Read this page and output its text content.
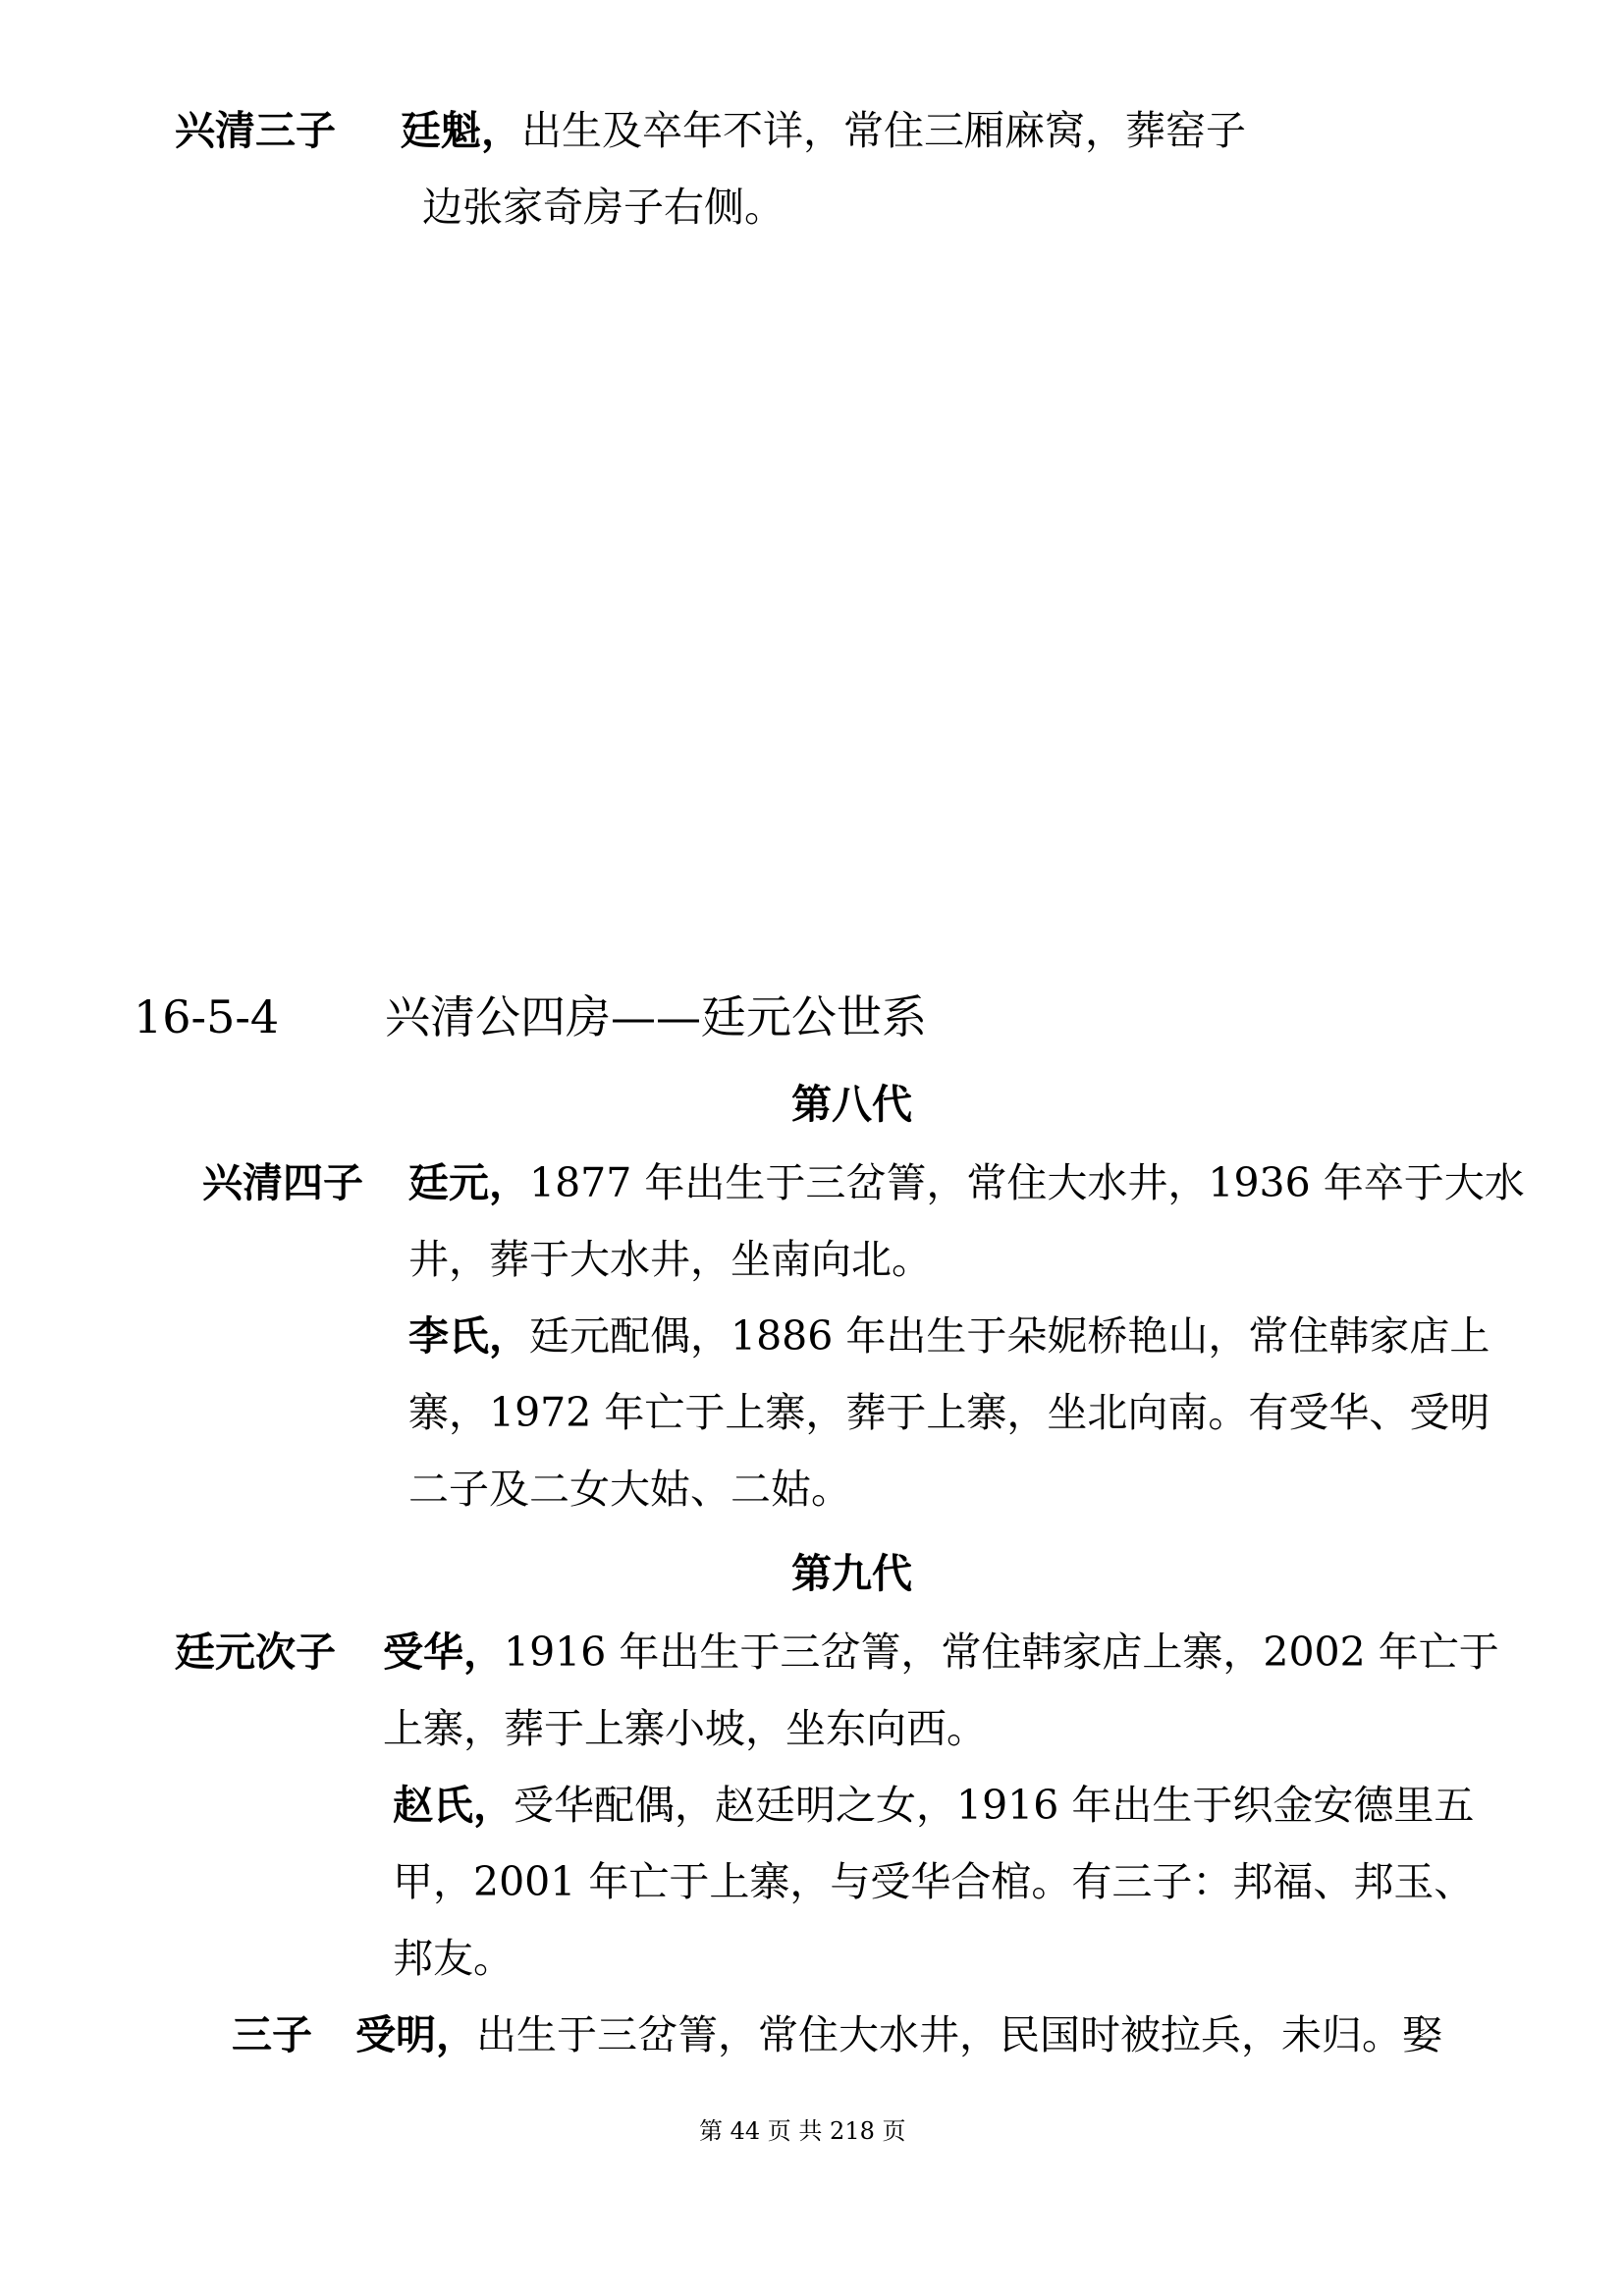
兴清三子 廷魁，出生及卒年不详，常住三厢麻窝，葬窑子
边张家奇房子右侧。
16-5-4 兴清公四房——廷元公世系
第八代
兴清四子 廷元，1877 年出生于三岔箐，常住大水井，1936 年卒于大水
井，葬于大水井，坐南向北。
李氏，廷元配偶，1886 年出生于朵妮桥艳山，常住韩家店上
寨，1972 年亡于上寨，葬于上寨，坐北向南。有受华、受明
二子及二女大姑、二姑。
第九代
廷元次子 受华，1916 年出生于三岔箐，常住韩家店上寨，2002 年亡于
上寨，葬于上寨小坡，坐东向西。
赵氏，受华配偶，赵廷明之女，1916 年出生于织金安德里五
甲，2001 年亡于上寨，与受华合棺。有三子：邦福、邦玉、
邦友。
三子 受明，出生于三岔箐，常住大水井，民国时被拉兵，未归。娶
第 44 页 共 218 页
